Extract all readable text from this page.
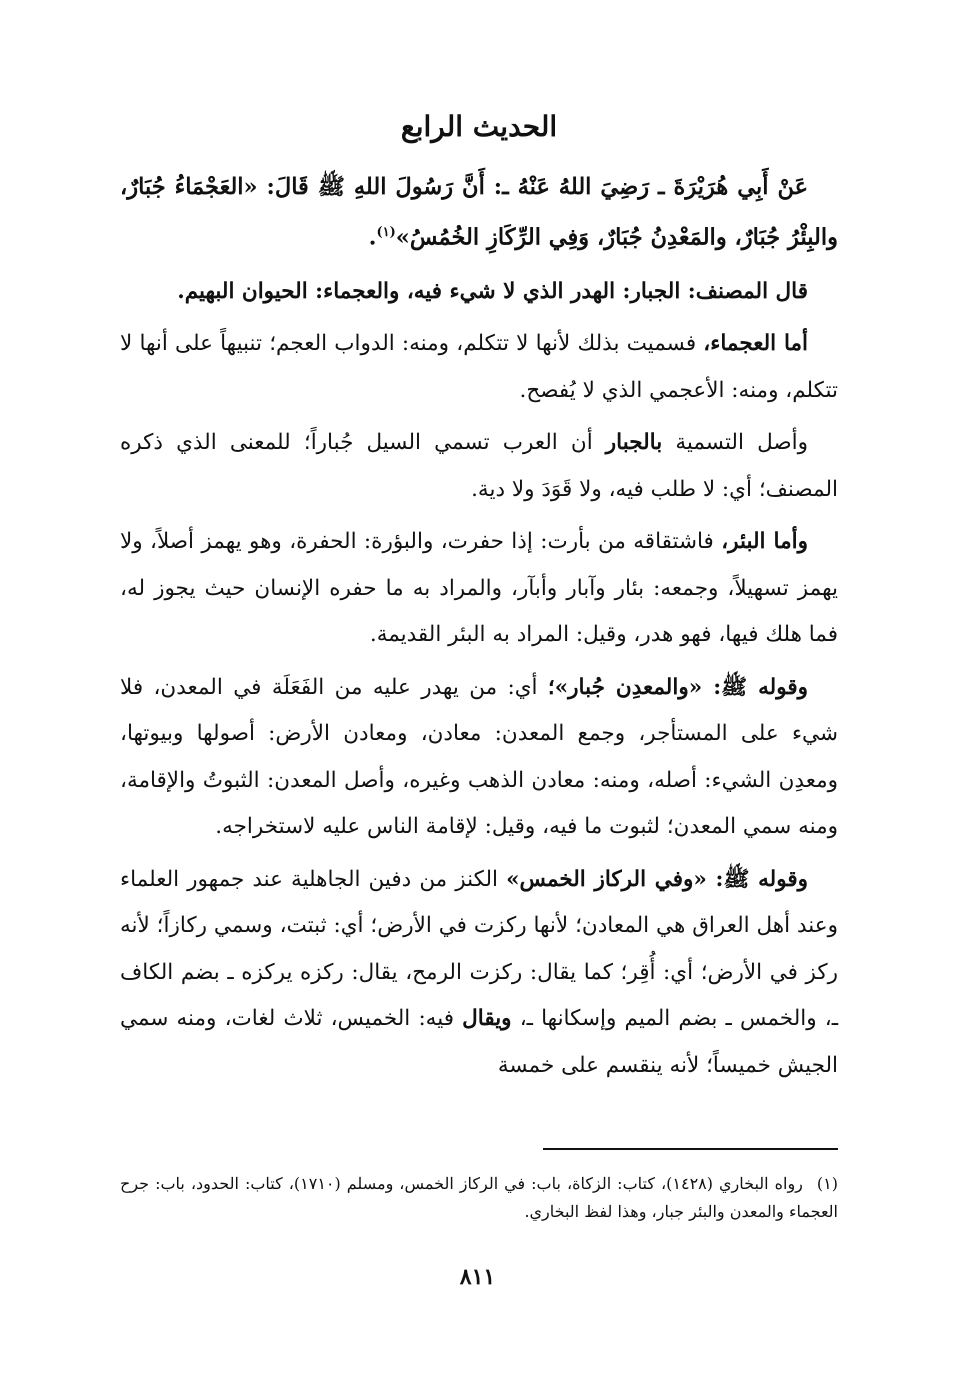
الحديث الرابع

عَنْ أَبِي هُرَيْرَةَ ـ رَضِيَ اللهُ عَنْهُ ـ: أَنَّ رَسُولَ اللهِ ﷺ قَالَ: «العَجْمَاءُ جُبَارٌ، والبِئْرُ جُبَارٌ، والمَعْدِنُ جُبَارٌ، وَفِي الرِّكَازِ الخُمُسُ»$^{(١)}$.

قال المصنف: الجبار: الهدر الذي لا شيء فيه، والعجماء: الحيوان البهيم.

أما العجماء، فسميت بذلك لأنها لا تتكلم، ومنه: الدواب العجم؛ تنبيهاً على أنها لا تتكلم، ومنه: الأعجمي الذي لا يُفصح.

وأصل التسمية بالجبار أن العرب تسمي السيل جُباراً؛ للمعنى الذي ذكره المصنف؛ أي: لا طلب فيه، ولا قَوَدَ ولا دية.

وأما البئر، فاشتقاقه من بأرت: إذا حفرت، والبؤرة: الحفرة، وهو يهمز أصلاً، ولا يهمز تسهيلاً، وجمعه: بئار وآبار وأبآر، والمراد به ما حفره الإنسان حيث يجوز له، فما هلك فيها، فهو هدر، وقيل: المراد به البئر القديمة.

وقوله ﷺ: «والمعدِن جُبار»؛ أي: من يهدر عليه من الفَعَلَة في المعدن، فلا شيء على المستأجر، وجمع المعدن: معادن، ومعادن الأرض: أصولها وبيوتها، ومعدِن الشيء: أصله، ومنه: معادن الذهب وغيره، وأصل المعدن: الثبوتُ والإقامة، ومنه سمي المعدن؛ لثبوت ما فيه، وقيل: لإقامة الناس عليه لاستخراجه.

وقوله ﷺ: «وفي الركاز الخمس» الكنز من دفين الجاهلية عند جمهور العلماء وعند أهل العراق هي المعادن؛ لأنها ركزت في الأرض؛ أي: ثبتت، وسمي ركازاً؛ لأنه ركز في الأرض؛ أي: أُقِر؛ كما يقال: ركزت الرمح، يقال: ركزه يركزه ـ بضم الكاف ـ، والخمس ـ بضم الميم وإسكانها ـ، ويقال فيه: الخميس، ثلاث لغات، ومنه سمي الجيش خميساً؛ لأنه ينقسم على خمسة

(١)رواه البخاري (١٤٢٨)، كتاب: الزكاة، باب: في الركاز الخمس، ومسلم (١٧١٠)، كتاب: الحدود، باب: جرح العجماء والمعدن والبئر جبار، وهذا لفظ البخاري.
٨١١
